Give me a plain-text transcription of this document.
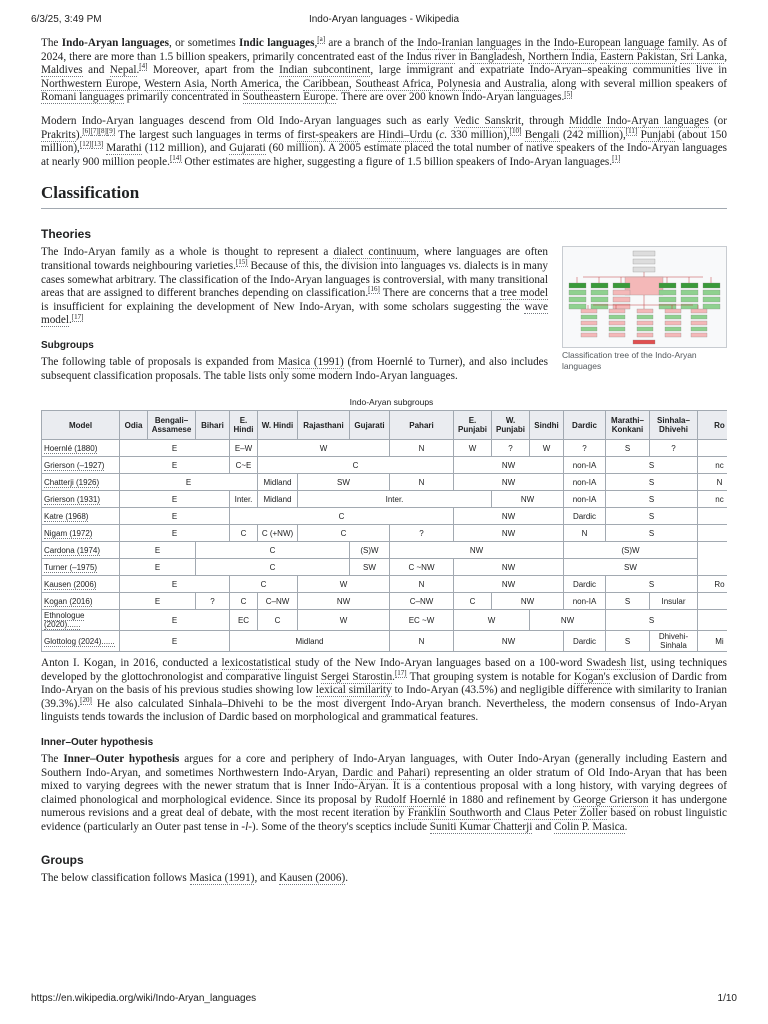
6/3/25, 3:49 PM	Indo-Aryan languages - Wikipedia

The Indo-Aryan languages, or sometimes Indic languages,[a] are a branch of the Indo-Iranian languages in the Indo-European language family. As of 2024, there are more than 1.5 billion speakers, primarily concentrated east of the Indus river in Bangladesh, Northern India, Eastern Pakistan, Sri Lanka, Maldives and Nepal.[4] Moreover, apart from the Indian subcontinent, large immigrant and expatriate Indo-Aryan–speaking communities live in Northwestern Europe, Western Asia, North America, the Caribbean, Southeast Africa, Polynesia and Australia, along with several million speakers of Romani languages primarily concentrated in Southeastern Europe. There are over 200 known Indo-Aryan languages.[5]

Modern Indo-Aryan languages descend from Old Indo-Aryan languages such as early Vedic Sanskrit, through Middle Indo-Aryan languages (or Prakrits).[6][7][8][9] The largest such languages in terms of first-speakers are Hindi–Urdu (c. 330 million),[10] Bengali (242 million),[11] Punjabi (about 150 million),[12][13] Marathi (112 million), and Gujarati (60 million). A 2005 estimate placed the total number of native speakers of the Indo-Aryan languages at nearly 900 million people.[14] Other estimates are higher, suggesting a figure of 1.5 billion speakers of Indo-Aryan languages.[1]

Classification
Theories
Classification tree of the Indo-Aryan languages

The Indo-Aryan family as a whole is thought to represent a dialect continuum, where languages are often transitional towards neighbouring varieties.[15] Because of this, the division into languages vs. dialects is in many cases somewhat arbitrary. The classification of the Indo-Aryan languages is controversial, with many transitional areas that are assigned to different branches depending on classification.[16] There are concerns that a tree model is insufficient for explaining the development of New Indo-Aryan, with some scholars suggesting the wave model.[17]

Subgroups

The following table of proposals is expanded from Masica (1991) (from Hoernlé to Turner), and also includes subsequent classification proposals. The table lists only some modern Indo-Aryan languages.

Indo-Aryan subgroups
Model	Odia	Bengali–Assamese	Bihari	E. Hindi	W. Hindi	Rajasthani	Gujarati	Pahari	E. Punjabi	W. Punjabi	Sindhi	Dardic	Marathi–Konkani	Sinhala–Dhivehi	Ro
Hoernlé (1880)	E			E–W	W			N	W	?	W	?	S	?	
Grierson (–1927)	E			C~E	C				NW			non-IA	S		nc
Chatterji (1926)	E				Midland	SW		N	NW			non-IA	S		N
Grierson (1931)	E			Inter.	Midland	Inter.				NW		non-IA	S		nc
Katre (1968)	E			C					NW			Dardic	S		
Nigam (1972)	E			C	C (+NW)	C		?	NW			N	S		
Cardona (1974)	E		C				(S)W	NW				(S)W			
Turner (–1975)	E		C				SW	C ~NW	NW			SW			
Kausen (2006)	E			C		W		N	NW			Dardic	S		Ro
Kogan (2016)	E		?	C	C–NW	NW		C–NW	C	NW		non-IA	S	Insular	
Ethnologue (2020)......	E			EC	C	W		EC ~W	W		NW		S		
Glottolog (2024)......	E			Midland				N	NW			Dardic	S	Dhivehi-Sinhala	Mi

Anton I. Kogan, in 2016, conducted a lexicostatistical study of the New Indo-Aryan languages based on a 100-word Swadesh list, using techniques developed by the glottochronologist and comparative linguist Sergei Starostin.[17] That grouping system is notable for Kogan's exclusion of Dardic from Indo-Aryan on the basis of his previous studies showing low lexical similarity to Indo-Aryan (43.5%) and negligible difference with similarity to Iranian (39.3%).[20] He also calculated Sinhala–Dhivehi to be the most divergent Indo-Aryan branch. Nevertheless, the modern consensus of Indo-Aryan linguists tends towards the inclusion of Dardic based on morphological and grammatical features.

Inner–Outer hypothesis

The Inner–Outer hypothesis argues for a core and periphery of Indo-Aryan languages, with Outer Indo-Aryan (generally including Eastern and Southern Indo-Aryan, and sometimes Northwestern Indo-Aryan, Dardic and Pahari) representing an older stratum of Old Indo-Aryan that has been mixed to varying degrees with the newer stratum that is Inner Indo-Aryan. It is a contentious proposal with a long history, with varying degrees of claimed phonological and morphological evidence. Since its proposal by Rudolf Hoernlé in 1880 and refinement by George Grierson it has undergone numerous revisions and a great deal of debate, with the most recent iteration by Franklin Southworth and Claus Peter Zoller based on robust linguistic evidence (particularly an Outer past tense in -l-). Some of the theory's sceptics include Suniti Kumar Chatterji and Colin P. Masica.

Groups

The below classification follows Masica (1991), and Kausen (2006).

https://en.wikipedia.org/wiki/Indo-Aryan_languages	1/10
